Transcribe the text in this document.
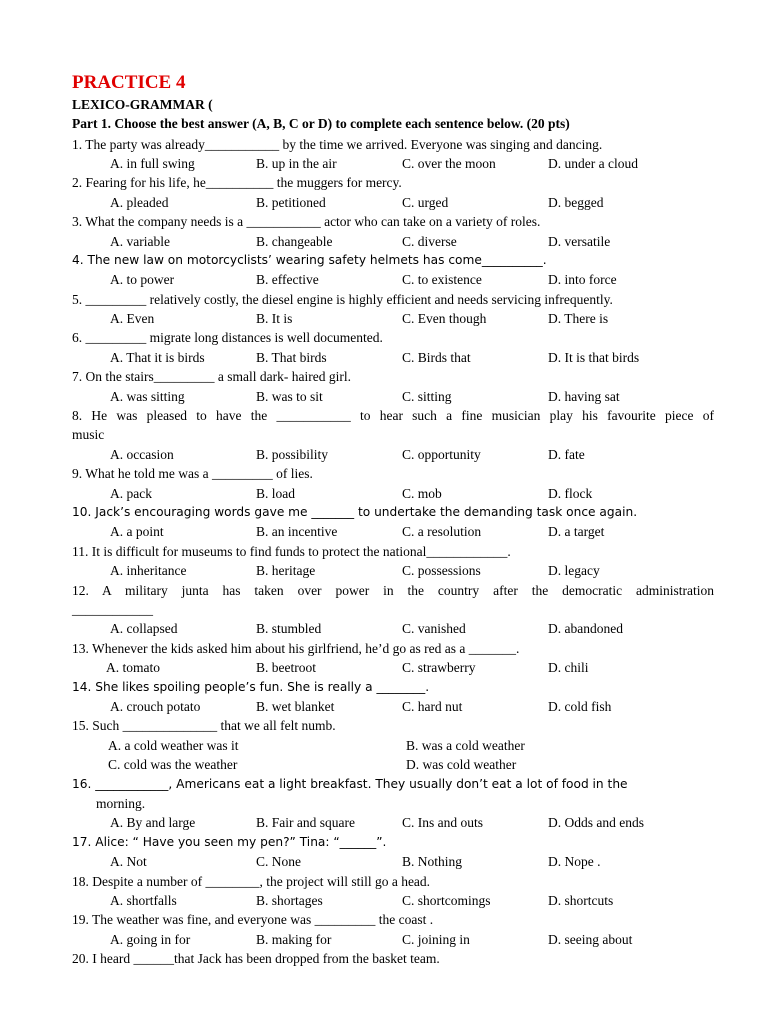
PRACTICE 4
LEXICO-GRAMMAR (
Part 1. Choose the best answer (A, B, C or D) to complete each sentence below. (20 pts)
1. The party was already___________ by the time we arrived. Everyone was singing and dancing.
A. in full swing	B. up in the air	C. over the moon	D. under a cloud
2. Fearing for his life, he__________ the muggers for mercy.
A. pleaded	B. petitioned	C. urged	D. begged
3. What the company needs is a ___________ actor who can take on a variety of roles.
A. variable	B. changeable	C. diverse	D. versatile
4. The new law on motorcyclists’ wearing safety helmets has come__________.
A. to power	B. effective	C. to existence	D. into force
5. _________ relatively costly, the diesel engine is highly efficient and needs servicing infrequently.
A. Even	B. It is	C. Even though	D. There is
6. _________ migrate long distances is well documented.
A. That it is birds	B. That birds	C. Birds that	D. It is that birds
7. On the stairs_________ a small dark- haired girl.
A. was sitting	B. was to sit	C. sitting	D. having sat
8. He was pleased to have the ___________ to hear such a fine musician play his favourite piece of
music
A. occasion	B. possibility	C. opportunity	D. fate
9. What he told me was a _________ of lies.
A. pack	B. load	C. mob	D. flock
10. Jack’s encouraging words gave me _______ to undertake the demanding task once again.
A. a point	B. an incentive	C. a resolution	D. a target
11. It is difficult for museums to find funds to protect the national____________.
A. inheritance	B. heritage	C. possessions	D. legacy
12. A military junta has taken over power in the country after the democratic administration
____________
A. collapsed	B. stumbled	C. vanished	D. abandoned
13. Whenever the kids asked him about his girlfriend, he’d go as red as a _______.
A. tomato	B. beetroot	C. strawberry	D. chili
14. She likes spoiling people’s fun. She is really a ________.
A. crouch potato	B. wet blanket	C. hard nut	D. cold fish
15. Such ______________ that we all felt numb.
A. a cold weather was it	B. was a cold weather
C. cold was the weather	D. was cold weather
16. ____________, Americans eat a light breakfast. They usually don’t eat a lot of food in the
morning.
A. By and large	B. Fair and square	C. Ins and outs	D. Odds and ends
17. Alice: “ Have you seen my pen?” Tina: “______”.
A. Not	C. None	B. Nothing	D. Nope .
18. Despite a number of ________, the project will still go a head.
A. shortfalls	B. shortages	C. shortcomings	D. shortcuts
19. The weather was fine, and everyone was _________ the coast .
A. going in for	B. making for	C. joining in	D. seeing about
20. I heard ______that Jack has been dropped from the basket team.
